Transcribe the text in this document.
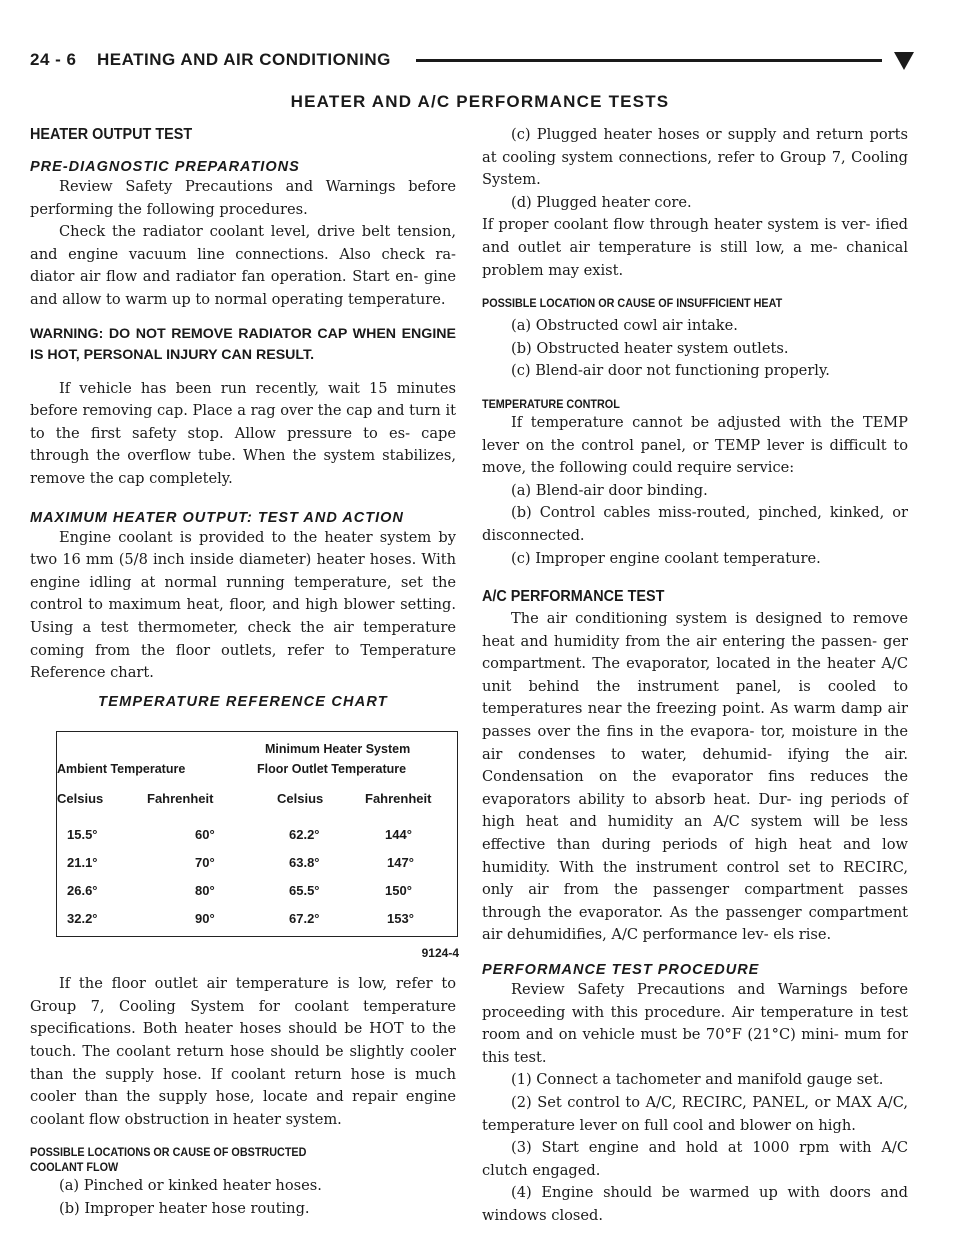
24 - 6 HEATING AND AIR CONDITIONING
HEATER AND A/C PERFORMANCE TESTS
HEATER OUTPUT TEST
PRE-DIAGNOSTIC PREPARATIONS

Review Safety Precautions and Warnings before performing the following procedures.

Check the radiator coolant level, drive belt tension, and engine vacuum line connections. Also check ra- diator air flow and radiator fan operation. Start en- gine and allow to warm up to normal operating temperature.

WARNING: DO NOT REMOVE RADIATOR CAP WHEN ENGINE IS HOT, PERSONAL INJURY CAN RESULT.

If vehicle has been run recently, wait 15 minutes before removing cap. Place a rag over the cap and turn it to the first safety stop. Allow pressure to es- cape through the overflow tube. When the system stabilizes, remove the cap completely.

MAXIMUM HEATER OUTPUT: TEST AND ACTION

Engine coolant is provided to the heater system by two 16 mm (5/8 inch inside diameter) heater hoses. With engine idling at normal running temperature, set the control to maximum heat, floor, and high blower setting. Using a test thermometer, check the air temperature coming from the floor outlets, refer to Temperature Reference chart.

TEMPERATURE REFERENCE CHART
Ambient Temperature
Minimum Heater System
Floor Outlet Temperature
Celsius	Fahrenheit	Celsius	Fahrenheit
15.5°	60°	62.2°	144°
21.1°	70°	63.8°	147°
26.6°	80°	65.5°	150°
32.2°	90°	67.2°	153°
9124-4

If the floor outlet air temperature is low, refer to Group 7, Cooling System for coolant temperature specifications. Both heater hoses should be HOT to the touch. The coolant return hose should be slightly cooler than the supply hose. If coolant return hose is much cooler than the supply hose, locate and repair engine coolant flow obstruction in heater system.

POSSIBLE LOCATIONS OR CAUSE OF OBSTRUCTED
COOLANT FLOW

(a) Pinched or kinked heater hoses.

(b) Improper heater hose routing.

(c) Plugged heater hoses or supply and return ports at cooling system connections, refer to Group 7, Cooling System.

(d) Plugged heater core.

If proper coolant flow through heater system is ver- ified and outlet air temperature is still low, a me- chanical problem may exist.

POSSIBLE LOCATION OR CAUSE OF INSUFFICIENT HEAT

(a) Obstructed cowl air intake.

(b) Obstructed heater system outlets.

(c) Blend-air door not functioning properly.

TEMPERATURE CONTROL

If temperature cannot be adjusted with the TEMP lever on the control panel, or TEMP lever is difficult to move, the following could require service:

(a) Blend-air door binding.

(b) Control cables miss-routed, pinched, kinked, or disconnected.

(c) Improper engine coolant temperature.

A/C PERFORMANCE TEST

The air conditioning system is designed to remove heat and humidity from the air entering the passen- ger compartment. The evaporator, located in the heater A/C unit behind the instrument panel, is cooled to temperatures near the freezing point. As warm damp air passes over the fins in the evapora- tor, moisture in the air condenses to water, dehumid- ifying the air. Condensation on the evaporator fins reduces the evaporators ability to absorb heat. Dur- ing periods of high heat and humidity an A/C system will be less effective than during periods of high heat and low humidity. With the instrument control set to RECIRC, only air from the passenger compartment passes through the evaporator. As the passenger compartment air dehumidifies, A/C performance lev- els rise.

PERFORMANCE TEST PROCEDURE

Review Safety Precautions and Warnings before proceeding with this procedure. Air temperature in test room and on vehicle must be 70°F (21°C) mini- mum for this test.

(1) Connect a tachometer and manifold gauge set.

(2) Set control to A/C, RECIRC, PANEL, or MAX A/C, temperature lever on full cool and blower on high.

(3) Start engine and hold at 1000 rpm with A/C clutch engaged.

(4) Engine should be warmed up with doors and windows closed.
